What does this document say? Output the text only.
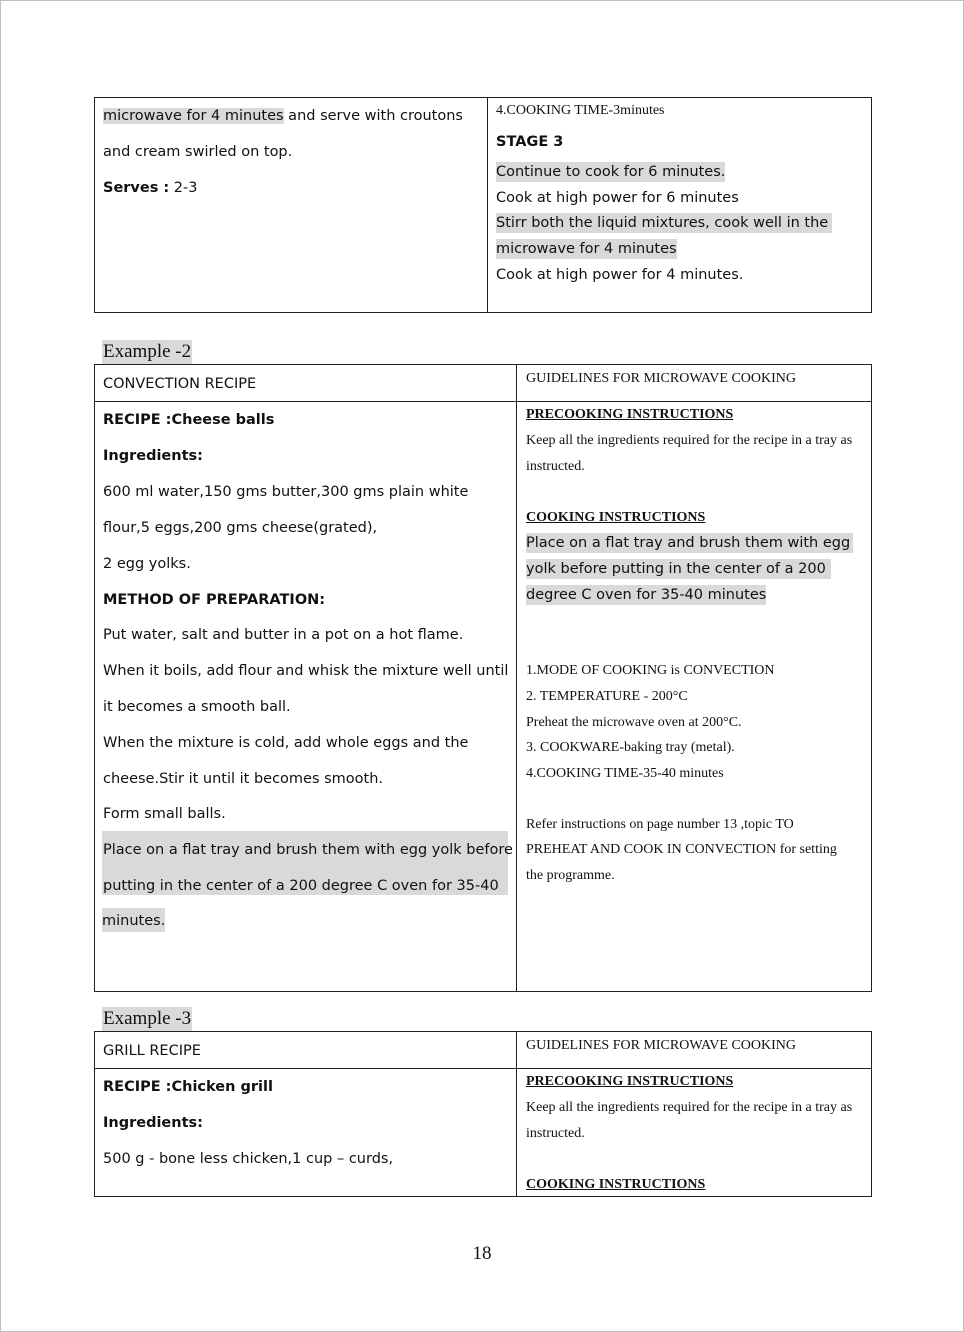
microwave for 4 minutes and serve with croutons
and cream swirled on top.
Serves : 2-3
4.COOKING TIME-3minutes
STAGE 3
Continue to cook for 6 minutes.
Cook at high power for 6 minutes
Stirr both the liquid mixtures, cook well in the
microwave for 4 minutes
Cook at high power for 4 minutes.
Example -2
CONVECTION RECIPE	GUIDELINES FOR MICROWAVE COOKING
RECIPE :Cheese balls
Ingredients:
600 ml water,150 gms butter,300 gms plain white
flour,5 eggs,200 gms cheese(grated),
2 egg yolks.
METHOD OF PREPARATION:
Put water, salt and butter in a pot on a hot flame.
When it boils, add flour and whisk the mixture well until
it becomes a smooth ball.
When the mixture is cold, add whole eggs and the
cheese.Stir it until it becomes smooth.
Form small balls.
Place on a flat tray and brush them with egg yolk before
putting in the center of a 200 degree C oven for 35-40
minutes.
PRECOOKING INSTRUCTIONS
Keep all the ingredients required for the recipe in a tray as
instructed.
COOKING INSTRUCTIONS
Place on a flat tray and brush them with egg
yolk before putting in the center of a 200
degree C oven for 35-40 minutes
1.MODE OF COOKING is CONVECTION
2. TEMPERATURE - 200°C
Preheat the microwave oven at 200°C.
3. COOKWARE-baking tray (metal).
4.COOKING TIME-35-40 minutes
Refer instructions on page number 13 ,topic TO
PREHEAT AND COOK IN CONVECTION for setting
the programme.
Example -3
GRILL RECIPE	GUIDELINES FOR MICROWAVE COOKING
RECIPE :Chicken grill
Ingredients:
500 g - bone less chicken,1 cup – curds,
PRECOOKING INSTRUCTIONS
Keep all the ingredients required for the recipe in a tray as
instructed.
COOKING INSTRUCTIONS
18
